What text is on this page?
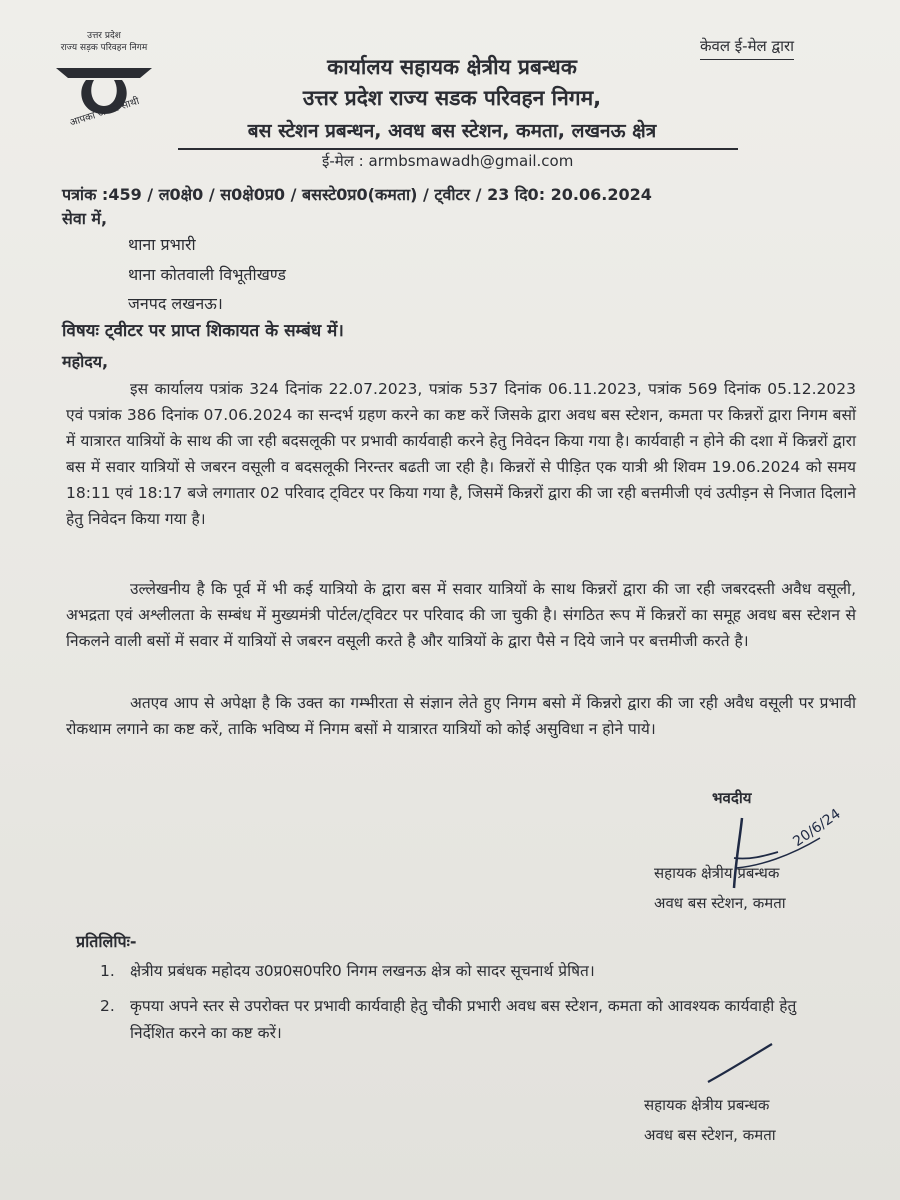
उत्तर प्रदेश
राज्य सड़क परिवहन निगम
आपका अपना साथी
केवल ई-मेल द्वारा
कार्यालय सहायक क्षेत्रीय प्रबन्धक
उत्तर प्रदेश राज्य सडक परिवहन निगम,
बस स्टेशन प्रबन्धन, अवध बस स्टेशन, कमता, लखनऊ क्षेत्र
ई-मेल : armbsmawadh@gmail.com
पत्रांक :459 / ल0क्षे0 / स0क्षे0प्र0 / बसस्टे0प्र0(कमता) / ट्वीटर / 23 दि0: 20.06.2024
सेवा में,
थाना प्रभारी
थाना कोतवाली विभूतीखण्ड
जनपद लखनऊ।
विषयः ट्वीटर पर प्राप्त शिकायत के सम्बंध में।
महोदय,
इस कार्यालय पत्रांक 324 दिनांक 22.07.2023, पत्रांक 537 दिनांक 06.11.2023, पत्रांक 569 दिनांक 05.12.2023 एवं पत्रांक 386 दिनांक 07.06.2024 का सन्दर्भ ग्रहण करने का कष्ट करें जिसके द्वारा अवध बस स्टेशन, कमता पर किन्नरों द्वारा निगम बसों में यात्रारत यात्रियों के साथ की जा रही बदसलूकी पर प्रभावी कार्यवाही करने हेतु निवेदन किया गया है। कार्यवाही न होने की दशा में किन्नरों द्वारा बस में सवार यात्रियों से जबरन वसूली व बदसलूकी निरन्तर बढती जा रही है। किन्नरों से पीड़ित एक यात्री श्री शिवम 19.06.2024 को समय 18:11 एवं 18:17 बजे लगातार 02 परिवाद ट्विटर पर किया गया है, जिसमें किन्नरों द्वारा की जा रही बत्तमीजी एवं उत्पीड़न से निजात दिलाने हेतु निवेदन किया गया है।
उल्लेखनीय है कि पूर्व में भी कई यात्रियो के द्वारा बस में सवार यात्रियों के साथ किन्नरों द्वारा की जा रही जबरदस्ती अवैध वसूली, अभद्रता एवं अश्लीलता के सम्बंध में मुख्यमंत्री पोर्टल/ट्विटर पर परिवाद की जा चुकी है। संगठित रूप में किन्नरों का समूह अवध बस स्टेशन से निकलने वाली बसों में सवार में यात्रियों से जबरन वसूली करते है और यात्रियों के द्वारा पैसे न दिये जाने पर बत्तमीजी करते है।
अतएव आप से अपेक्षा है कि उक्त का गम्भीरता से संज्ञान लेते हुए निगम बसो में किन्नरो द्वारा की जा रही अवैध वसूली पर प्रभावी रोकथाम लगाने का कष्ट करें, ताकि भविष्य में निगम बसों मे यात्रारत यात्रियों को कोई असुविधा न होने पाये।
भवदीय
20/6/24
सहायक क्षेत्रीय प्रबन्धक
अवध बस स्टेशन, कमता
प्रतिलिपिः-
1. क्षेत्रीय प्रबंधक महोदय उ0प्र0स0परि0 निगम लखनऊ क्षेत्र को सादर सूचनार्थ प्रेषित।
2. कृपया अपने स्तर से उपरोक्त पर प्रभावी कार्यवाही हेतु चौकी प्रभारी अवध बस स्टेशन, कमता को आवश्यक कार्यवाही हेतु निर्देशित करने का कष्ट करें।
सहायक क्षेत्रीय प्रबन्धक
अवध बस स्टेशन, कमता
